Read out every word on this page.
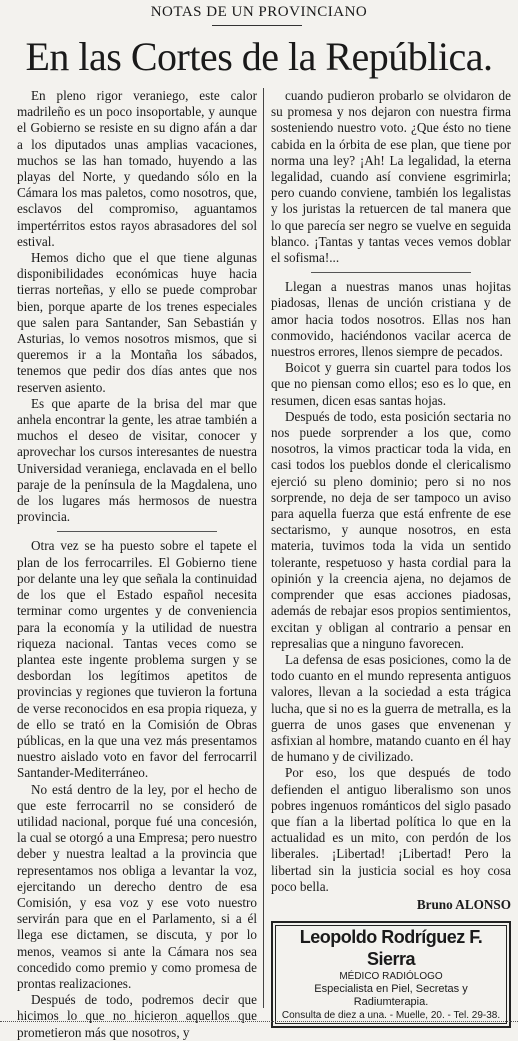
NOTAS DE UN PROVINCIANO
En las Cortes de la República.

En pleno rigor veraniego, este calor madrileño es un poco insoportable, y aunque el Gobierno se resiste en su digno afán a dar a los diputados unas amplias vacaciones, muchos se las han tomado, huyendo a las playas del Norte, y quedando sólo en la Cámara los mas paletos, como nosotros, que, esclavos del compromiso, aguantamos impertérritos estos rayos abrasadores del sol estival.

Hemos dicho que el que tiene algunas disponibilidades económicas huye hacia tierras norteñas, y ello se puede comprobar bien, porque aparte de los trenes especiales que salen para Santander, San Sebastián y Asturias, lo vemos nosotros mismos, que si queremos ir a la Montaña los sábados, tenemos que pedir dos días antes que nos reserven asiento.

Es que aparte de la brisa del mar que anhela encontrar la gente, les atrae también a muchos el deseo de visitar, conocer y aprovechar los cursos interesantes de nuestra Universidad veraniega, enclavada en el bello paraje de la península de la Magdalena, uno de los lugares más hermosos de nuestra provincia.

Otra vez se ha puesto sobre el tapete el plan de los ferrocarriles. El Gobierno tiene por delante una ley que señala la continuidad de los que el Estado español necesita terminar como urgentes y de conveniencia para la economía y la utilidad de nuestra riqueza nacional. Tantas veces como se plantea este ingente problema surgen y se desbordan los legítimos apetitos de provincias y regiones que tuvieron la fortuna de verse reconocidos en esa propia riqueza, y de ello se trató en la Comisión de Obras públicas, en la que una vez más presentamos nuestro aislado voto en favor del ferrocarril Santander-Mediterráneo.

No está dentro de la ley, por el hecho de que este ferrocarril no se consideró de utilidad nacional, porque fué una concesión, la cual se otorgó a una Empresa; pero nuestro deber y nuestra lealtad a la provincia que representamos nos obliga a levantar la voz, ejercitando un derecho dentro de esa Comisión, y esa voz y ese voto nuestro servirán para que en el Parlamento, si a él llega ese dictamen, se discuta, y por lo menos, veamos si ante la Cámara nos sea concedido como premio y como promesa de prontas realizaciones.

Después de todo, podremos decir que hicimos lo que no hicieron aquellos que prometieron más que nosotros, y

cuando pudieron probarlo se olvidaron de su promesa y nos dejaron con nuestra firma sosteniendo nuestro voto. ¿Que ésto no tiene cabida en la órbita de ese plan, que tiene por norma una ley? ¡Ah! La legalidad, la eterna legalidad, cuando así conviene esgrimirla; pero cuando conviene, también los legalistas y los juristas la retuercen de tal manera que lo que parecía ser negro se vuelve en seguida blanco. ¡Tantas y tantas veces vemos doblar el sofisma!...

Llegan a nuestras manos unas hojitas piadosas, llenas de unción cristiana y de amor hacia todos nosotros. Ellas nos han conmovido, haciéndonos vacilar acerca de nuestros errores, llenos siempre de pecados.

Boicot y guerra sin cuartel para todos los que no piensan como ellos; eso es lo que, en resumen, dicen esas santas hojas.

Después de todo, esta posición sectaria no nos puede sorprender a los que, como nosotros, la vimos practicar toda la vida, en casi todos los pueblos donde el clericalismo ejerció su pleno dominio; pero si no nos sorprende, no deja de ser tampoco un aviso para aquella fuerza que está enfrente de ese sectarismo, y aunque nosotros, en esta materia, tuvimos toda la vida un sentido tolerante, respetuoso y hasta cordial para la opinión y la creencia ajena, no dejamos de comprender que esas acciones piadosas, además de rebajar esos propios sentimientos, excitan y obligan al contrario a pensar en represalias que a ninguno favorecen.

La defensa de esas posiciones, como la de todo cuanto en el mundo representa antiguos valores, llevan a la sociedad a esta trágica lucha, que si no es la guerra de metralla, es la guerra de unos gases que envenenan y asfixian al hombre, matando cuanto en él hay de humano y de civilizado.

Por eso, los que después de todo defienden el antiguo liberalismo son unos pobres ingenuos románticos del siglo pasado que fían a la libertad política lo que en la actualidad es un mito, con perdón de los liberales. ¡Libertad! ¡Libertad! Pero la libertad sin la justicia social es hoy cosa poco bella.

Bruno ALONSO
Leopoldo Rodríguez F. Sierra
MÉDICO RADIÓLOGO
Especialista en Piel, Secretas y Radiumterapia.
Consulta de diez a una. - Muelle, 20. - Tel. 29-38.
